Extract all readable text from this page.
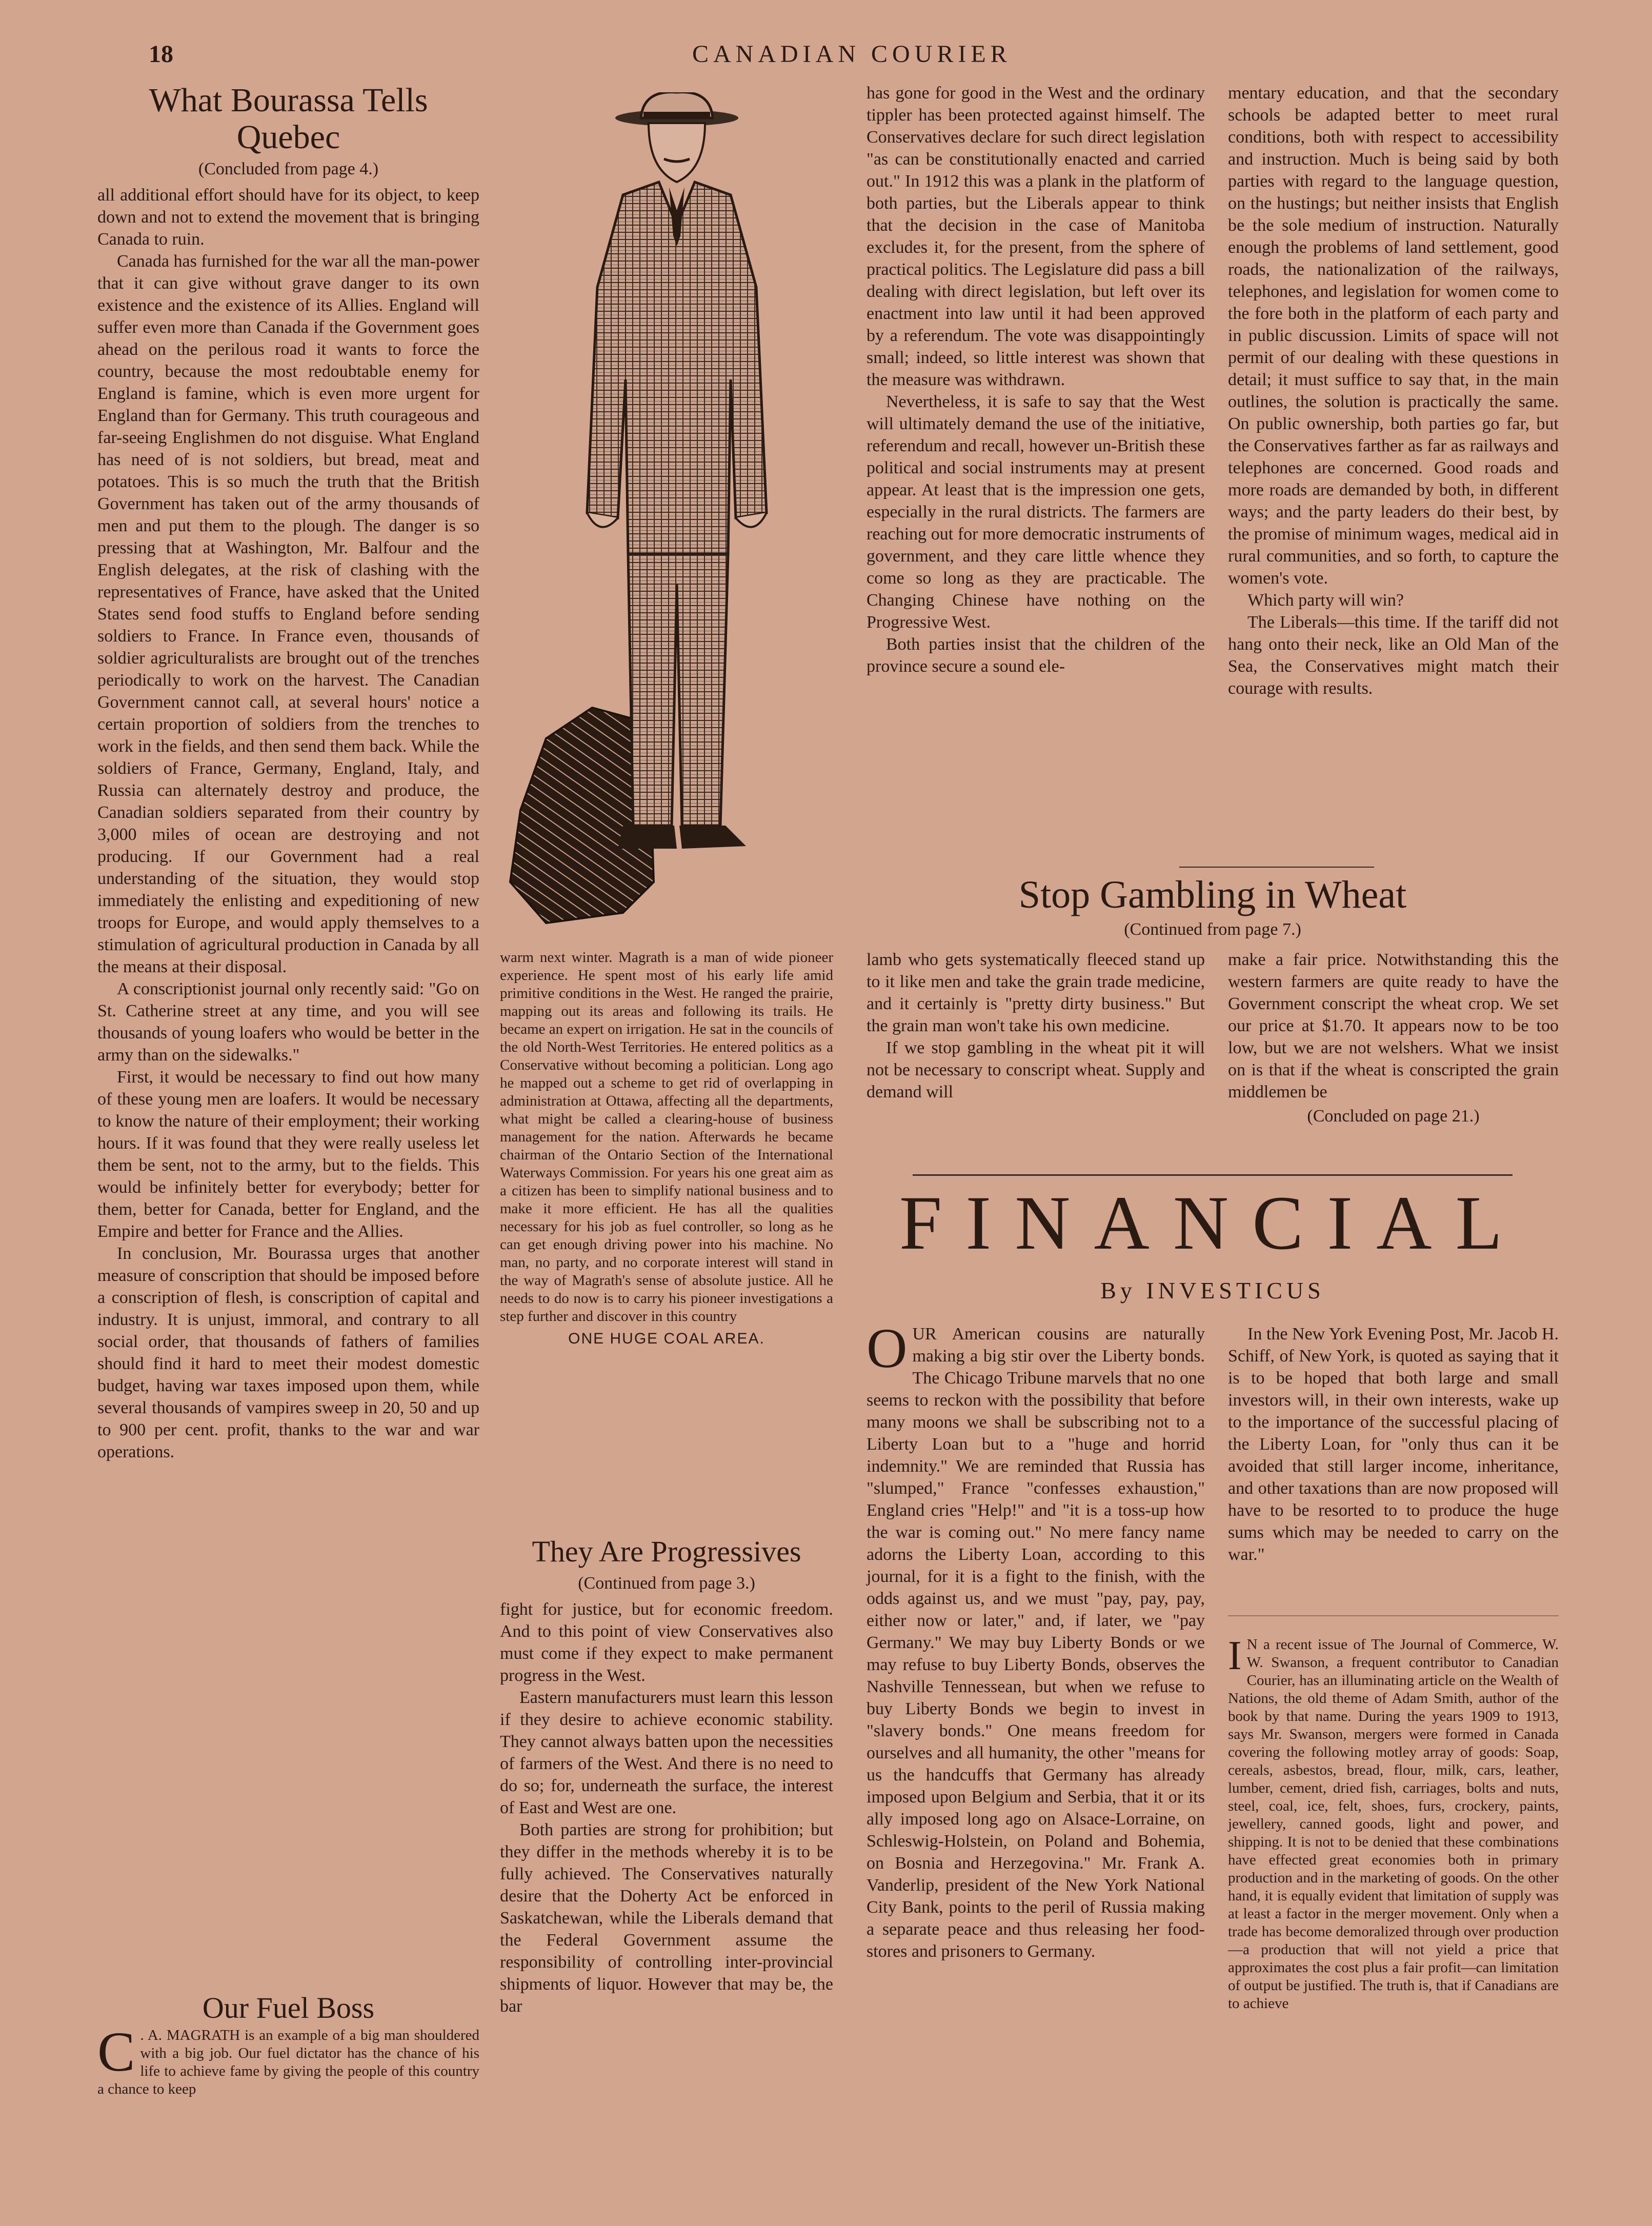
18	CANADIAN COURIER
What Bourassa Tells Quebec
(Concluded from page 4.)

all additional effort should have for its object, to keep down and not to extend the movement that is bringing Canada to ruin.

Canada has furnished for the war all the man-power that it can give without grave danger to its own existence and the existence of its Allies. England will suffer even more than Canada if the Government goes ahead on the perilous road it wants to force the country, because the most redoubtable enemy for England is famine, which is even more urgent for England than for Germany. This truth courageous and far-seeing Englishmen do not disguise. What England has need of is not soldiers, but bread, meat and potatoes. This is so much the truth that the British Government has taken out of the army thousands of men and put them to the plough. The danger is so pressing that at Washington, Mr. Balfour and the English delegates, at the risk of clashing with the representatives of France, have asked that the United States send food stuffs to England before sending soldiers to France. In France even, thousands of soldier agriculturalists are brought out of the trenches periodically to work on the harvest. The Canadian Government cannot call, at several hours' notice a certain proportion of soldiers from the trenches to work in the fields, and then send them back. While the soldiers of France, Germany, England, Italy, and Russia can alternately destroy and produce, the Canadian soldiers separated from their country by 3,000 miles of ocean are destroying and not producing. If our Government had a real understanding of the situation, they would stop immediately the enlisting and expeditioning of new troops for Europe, and would apply themselves to a stimulation of agricultural production in Canada by all the means at their disposal.

A conscriptionist journal only recently said: "Go on St. Catherine street at any time, and you will see thousands of young loafers who would be better in the army than on the sidewalks."

First, it would be necessary to find out how many of these young men are loafers. It would be necessary to know the nature of their employment; their working hours. If it was found that they were really useless let them be sent, not to the army, but to the fields. This would be infinitely better for everybody; better for them, better for Canada, better for England, and the Empire and better for France and the Allies.

In conclusion, Mr. Bourassa urges that another measure of conscription that should be imposed before a conscription of flesh, is conscription of capital and industry. It is unjust, immoral, and contrary to all social order, that thousands of fathers of families should find it hard to meet their modest domestic budget, having war taxes imposed upon them, while several thousands of vampires sweep in 20, 50 and up to 900 per cent. profit, thanks to the war and war operations.

Our Fuel Boss

C . A. MAGRATH is an example of a big man shouldered with a big job. Our fuel dictator has the chance of his life to achieve fame by giving the people of this country a chance to keep

warm next winter. Magrath is a man of wide pioneer experience. He spent most of his early life amid primitive conditions in the West. He ranged the prairie, mapping out its areas and following its trails. He became an expert on irrigation. He sat in the councils of the old North-West Territories. He entered politics as a Conservative without becoming a politician. Long ago he mapped out a scheme to get rid of overlapping in administration at Ottawa, affecting all the departments, what might be called a clearing-house of business management for the nation. Afterwards he became chairman of the Ontario Section of the International Waterways Commission. For years his one great aim as a citizen has been to simplify national business and to make it more efficient. He has all the qualities necessary for his job as fuel controller, so long as he can get enough driving power into his machine. No man, no party, and no corporate interest will stand in the way of Magrath's sense of absolute justice. All he needs to do now is to carry his pioneer investigations a step further and discover in this country

ONE HUGE COAL AREA.
They Are Progressives
(Continued from page 3.)

fight for justice, but for economic freedom. And to this point of view Conservatives also must come if they expect to make permanent progress in the West.

Eastern manufacturers must learn this lesson if they desire to achieve economic stability. They cannot always batten upon the necessities of farmers of the West. And there is no need to do so; for, underneath the surface, the interest of East and West are one.

Both parties are strong for prohibition; but they differ in the methods whereby it is to be fully achieved. The Conservatives naturally desire that the Doherty Act be enforced in Saskatchewan, while the Liberals demand that the Federal Government assume the responsibility of controlling inter-provincial shipments of liquor. However that may be, the bar

has gone for good in the West and the ordinary tippler has been protected against himself. The Conservatives declare for such direct legislation "as can be constitutionally enacted and carried out." In 1912 this was a plank in the platform of both parties, but the Liberals appear to think that the decision in the case of Manitoba excludes it, for the present, from the sphere of practical politics. The Legislature did pass a bill dealing with direct legislation, but left over its enactment into law until it had been approved by a referendum. The vote was disappointingly small; indeed, so little interest was shown that the measure was withdrawn.

Nevertheless, it is safe to say that the West will ultimately demand the use of the initiative, referendum and recall, however un-British these political and social instruments may at present appear. At least that is the impression one gets, especially in the rural districts. The farmers are reaching out for more democratic instruments of government, and they care little whence they come so long as they are practicable. The Changing Chinese have nothing on the Progressive West.

Both parties insist that the children of the province secure a sound ele-

mentary education, and that the secondary schools be adapted better to meet rural conditions, both with respect to accessibility and instruction. Much is being said by both parties with regard to the language question, on the hustings; but neither insists that English be the sole medium of instruction. Naturally enough the problems of land settlement, good roads, the nationalization of the railways, telephones, and legislation for women come to the fore both in the platform of each party and in public discussion. Limits of space will not permit of our dealing with these questions in detail; it must suffice to say that, in the main outlines, the solution is practically the same. On public ownership, both parties go far, but the Conservatives farther as far as railways and telephones are concerned. Good roads and more roads are demanded by both, in different ways; and the party leaders do their best, by the promise of minimum wages, medical aid in rural communities, and so forth, to capture the women's vote.

Which party will win?

The Liberals—this time. If the tariff did not hang onto their neck, like an Old Man of the Sea, the Conservatives might match their courage with results.

Stop Gambling in Wheat
(Continued from page 7.)

lamb who gets systematically fleeced stand up to it like men and take the grain trade medicine, and it certainly is "pretty dirty business." But the grain man won't take his own medicine.

If we stop gambling in the wheat pit it will not be necessary to conscript wheat. Supply and demand will

make a fair price. Notwithstanding this the western farmers are quite ready to have the Government conscript the wheat crop. We set our price at $1.70. It appears now to be too low, but we are not welshers. What we insist on is that if the wheat is conscripted the grain middlemen be

(Concluded on page 21.)
FINANCIAL
By INVESTICUS

OUR American cousins are naturally making a big stir over the Liberty bonds. The Chicago Tribune marvels that no one seems to reckon with the possibility that before many moons we shall be subscribing not to a Liberty Loan but to a "huge and horrid indemnity." We are reminded that Russia has "slumped," France "confesses exhaustion," England cries "Help!" and "it is a toss-up how the war is coming out." No mere fancy name adorns the Liberty Loan, according to this journal, for it is a fight to the finish, with the odds against us, and we must "pay, pay, pay, either now or later," and, if later, we "pay Germany." We may buy Liberty Bonds or we may refuse to buy Liberty Bonds, observes the Nashville Tennessean, but when we refuse to buy Liberty Bonds we begin to invest in "slavery bonds." One means freedom for ourselves and all humanity, the other "means for us the handcuffs that Germany has already imposed upon Belgium and Serbia, that it or its ally imposed long ago on Alsace-Lorraine, on Schleswig-Holstein, on Poland and Bohemia, on Bosnia and Herzegovina." Mr. Frank A. Vanderlip, president of the New York National City Bank, points to the peril of Russia making a separate peace and thus releasing her food-stores and prisoners to Germany.

In the New York Evening Post, Mr. Jacob H. Schiff, of New York, is quoted as saying that it is to be hoped that both large and small investors will, in their own interests, wake up to the importance of the successful placing of the Liberty Loan, for "only thus can it be avoided that still larger income, inheritance, and other taxations than are now proposed will have to be resorted to to produce the huge sums which may be needed to carry on the war."

I N a recent issue of The Journal of Commerce, W. W. Swanson, a frequent contributor to Canadian Courier, has an illuminating article on the Wealth of Nations, the old theme of Adam Smith, author of the book by that name. During the years 1909 to 1913, says Mr. Swanson, mergers were formed in Canada covering the following motley array of goods: Soap, cereals, asbestos, bread, flour, milk, cars, leather, lumber, cement, dried fish, carriages, bolts and nuts, steel, coal, ice, felt, shoes, furs, crockery, paints, jewellery, canned goods, light and power, and shipping. It is not to be denied that these combinations have effected great economies both in primary production and in the marketing of goods. On the other hand, it is equally evident that limitation of supply was at least a factor in the merger movement. Only when a trade has become demoralized through over production—a production that will not yield a price that approximates the cost plus a fair profit—can limitation of output be justified. The truth is, that if Canadians are to achieve
